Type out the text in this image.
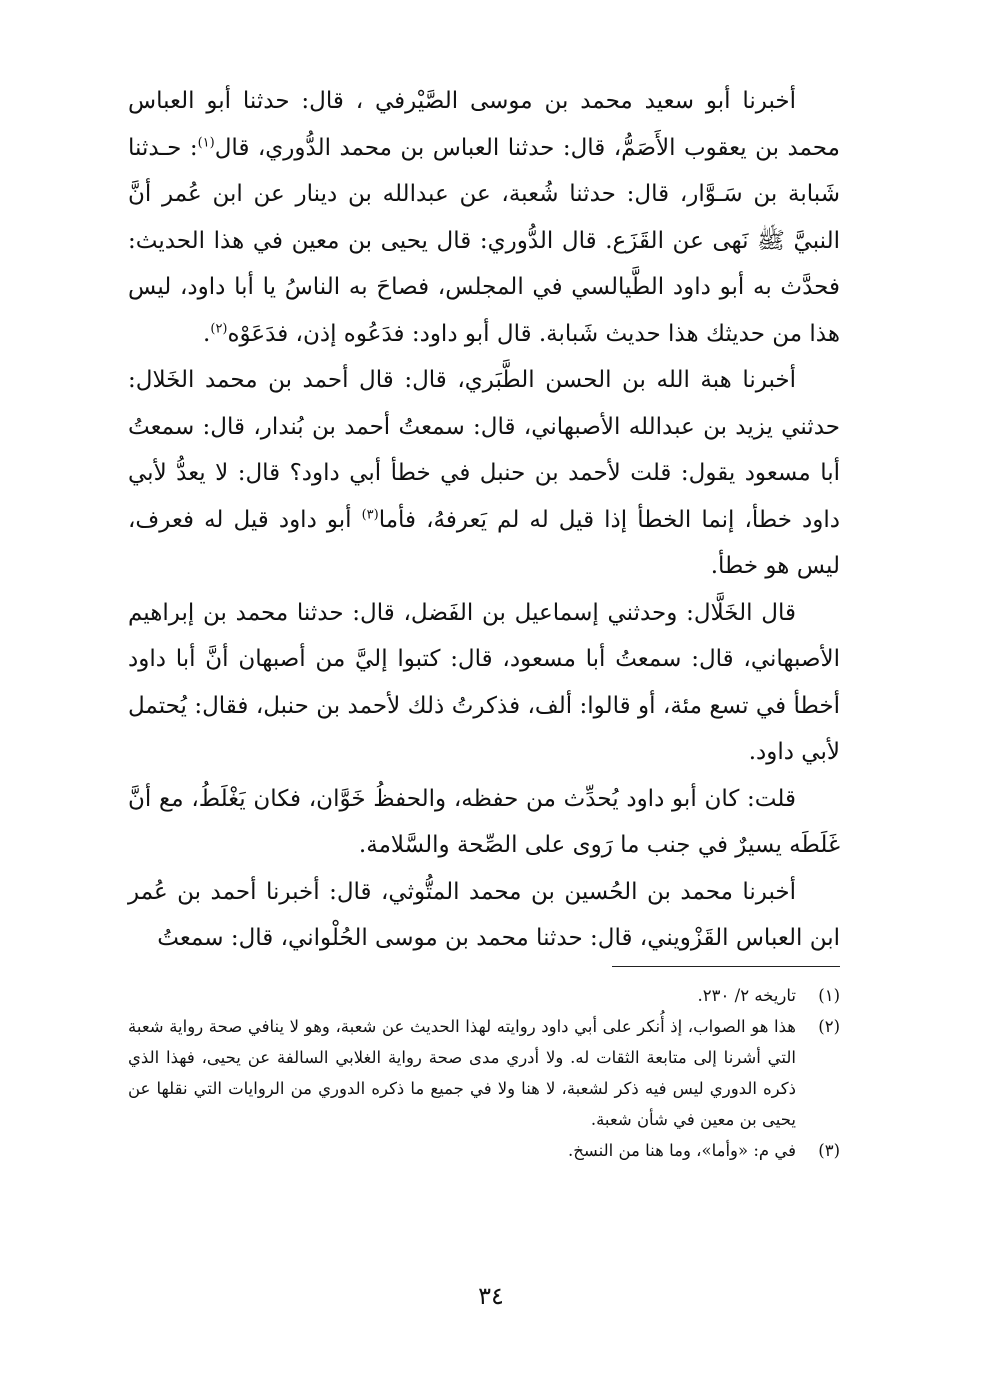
أخبرنا أبو سعيد محمد بن موسى الصَّيْرفي ، قال: حدثنا أبو العباس محمد بن يعقوب الأَصَمُّ، قال: حدثنا العباس بن محمد الدُّوري، قال$^{(١)}$: حـدثنا شَبابة بن سَـوَّار، قال: حدثنا شُعبة، عن عبدالله بن دينار عن ابن عُمر أنَّ النبيَّ ﷺ نَهى عن القَزَع. قال الدُّوري: قال يحيى بن معين في هذا الحديث: فحدَّث به أبو داود الطَّيالسي في المجلس، فصاحَ به الناسُ يا أبا داود، ليس هذا من حديثك هذا حديث شَبابة. قال أبو داود: فدَعُوه إذن، فدَعَوْه$^{(٢)}$.

أخبرنا هبة الله بن الحسن الطَّبَري، قال: قال أحمد بن محمد الخَلال: حدثني يزيد بن عبدالله الأصبهاني، قال: سمعتُ أحمد بن بُندار، قال: سمعتُ أبا مسعود يقول: قلت لأحمد بن حنبل في خطأ أبي داود؟ قال: لا يعدُّ لأبي داود خطأ، إنما الخطأ إذا قيل له لم يَعرفهُ، فأما$^{(٣)}$ أبو داود قيل له فعرف، ليس هو خطأ.

قال الخَلَّال: وحدثني إسماعيل بن الفَضل، قال: حدثنا محمد بن إبراهيم الأصبهاني، قال: سمعتُ أبا مسعود، قال: كتبوا إليَّ من أصبهان أنَّ أبا داود أخطأ في تسع مئة، أو قالوا: ألف، فذكرتُ ذلك لأحمد بن حنبل، فقال: يُحتمل لأبي داود.

قلت: كان أبو داود يُحدِّث من حفظه، والحفظُ خَوَّان، فكان يَغْلَطُ، مع أنَّ غَلَطَه يسيرٌ في جنب ما رَوى على الصِّحة والسَّلامة.

أخبرنا محمد بن الحُسين بن محمد المتُّوثي، قال: أخبرنا أحمد بن عُمر ابن العباس القَزْويني، قال: حدثنا محمد بن موسى الحُلْواني، قال: سمعتُ

(١)
تاريخه ٢/ ٢٣٠.
(٢)
هذا هو الصواب، إذ أُنكر على أبي داود روايته لهذا الحديث عن شعبة، وهو لا ينافي صحة رواية شعبة التي أشرنا إلى متابعة الثقات له. ولا أدري مدى صحة رواية الغلابي السالفة عن يحيى، فهذا الذي ذكره الدوري ليس فيه ذكر لشعبة، لا هنا ولا في جميع ما ذكره الدوري من الروايات التي نقلها عن يحيى بن معين في شأن شعبة.
(٣)
في م: «وأما»، وما هنا من النسخ.
٣٤
